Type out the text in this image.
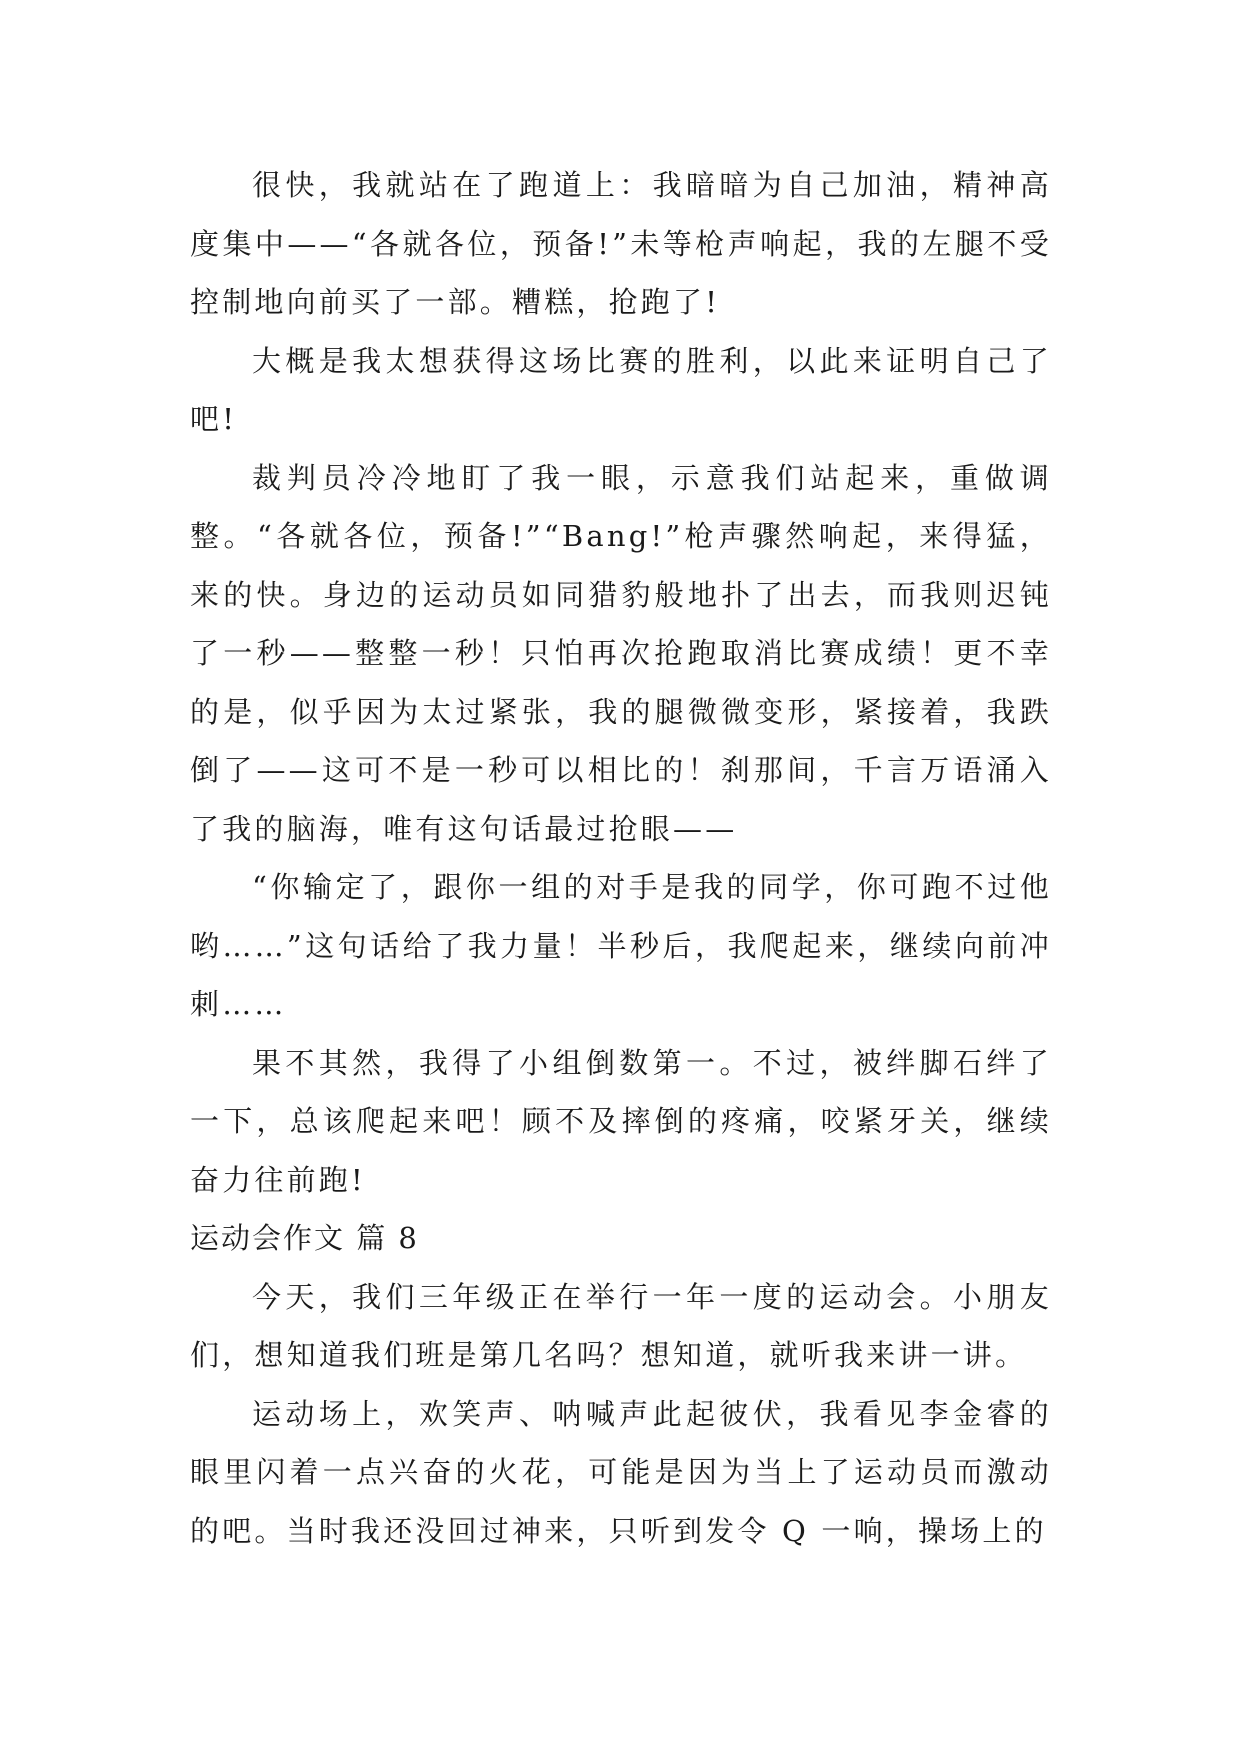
很快，我就站在了跑道上：我暗暗为自己加油，精神高度集中——“各就各位，预备!”未等枪声响起，我的左腿不受控制地向前买了一部。糟糕，抢跑了!

大概是我太想获得这场比赛的胜利，以此来证明自己了吧!

裁判员冷冷地盯了我一眼，示意我们站起来，重做调整。“各就各位，预备!”“Bang!”枪声骤然响起，来得猛，来的快。身边的运动员如同猎豹般地扑了出去，而我则迟钝了一秒——整整一秒！只怕再次抢跑取消比赛成绩！更不幸的是，似乎因为太过紧张，我的腿微微变形，紧接着，我跌倒了——这可不是一秒可以相比的！刹那间，千言万语涌入了我的脑海，唯有这句话最过抢眼——

“你输定了，跟你一组的对手是我的同学，你可跑不过他哟……”这句话给了我力量！半秒后，我爬起来，继续向前冲刺……

果不其然，我得了小组倒数第一。不过，被绊脚石绊了一下，总该爬起来吧！顾不及摔倒的疼痛，咬紧牙关，继续奋力往前跑!

运动会作文 篇 8

今天，我们三年级正在举行一年一度的运动会。小朋友们，想知道我们班是第几名吗？想知道，就听我来讲一讲。

运动场上，欢笑声、呐喊声此起彼伏，我看见李金睿的眼里闪着一点兴奋的火花，可能是因为当上了运动员而激动的吧。当时我还没回过神来，只听到发令 Q 一响，操场上的
